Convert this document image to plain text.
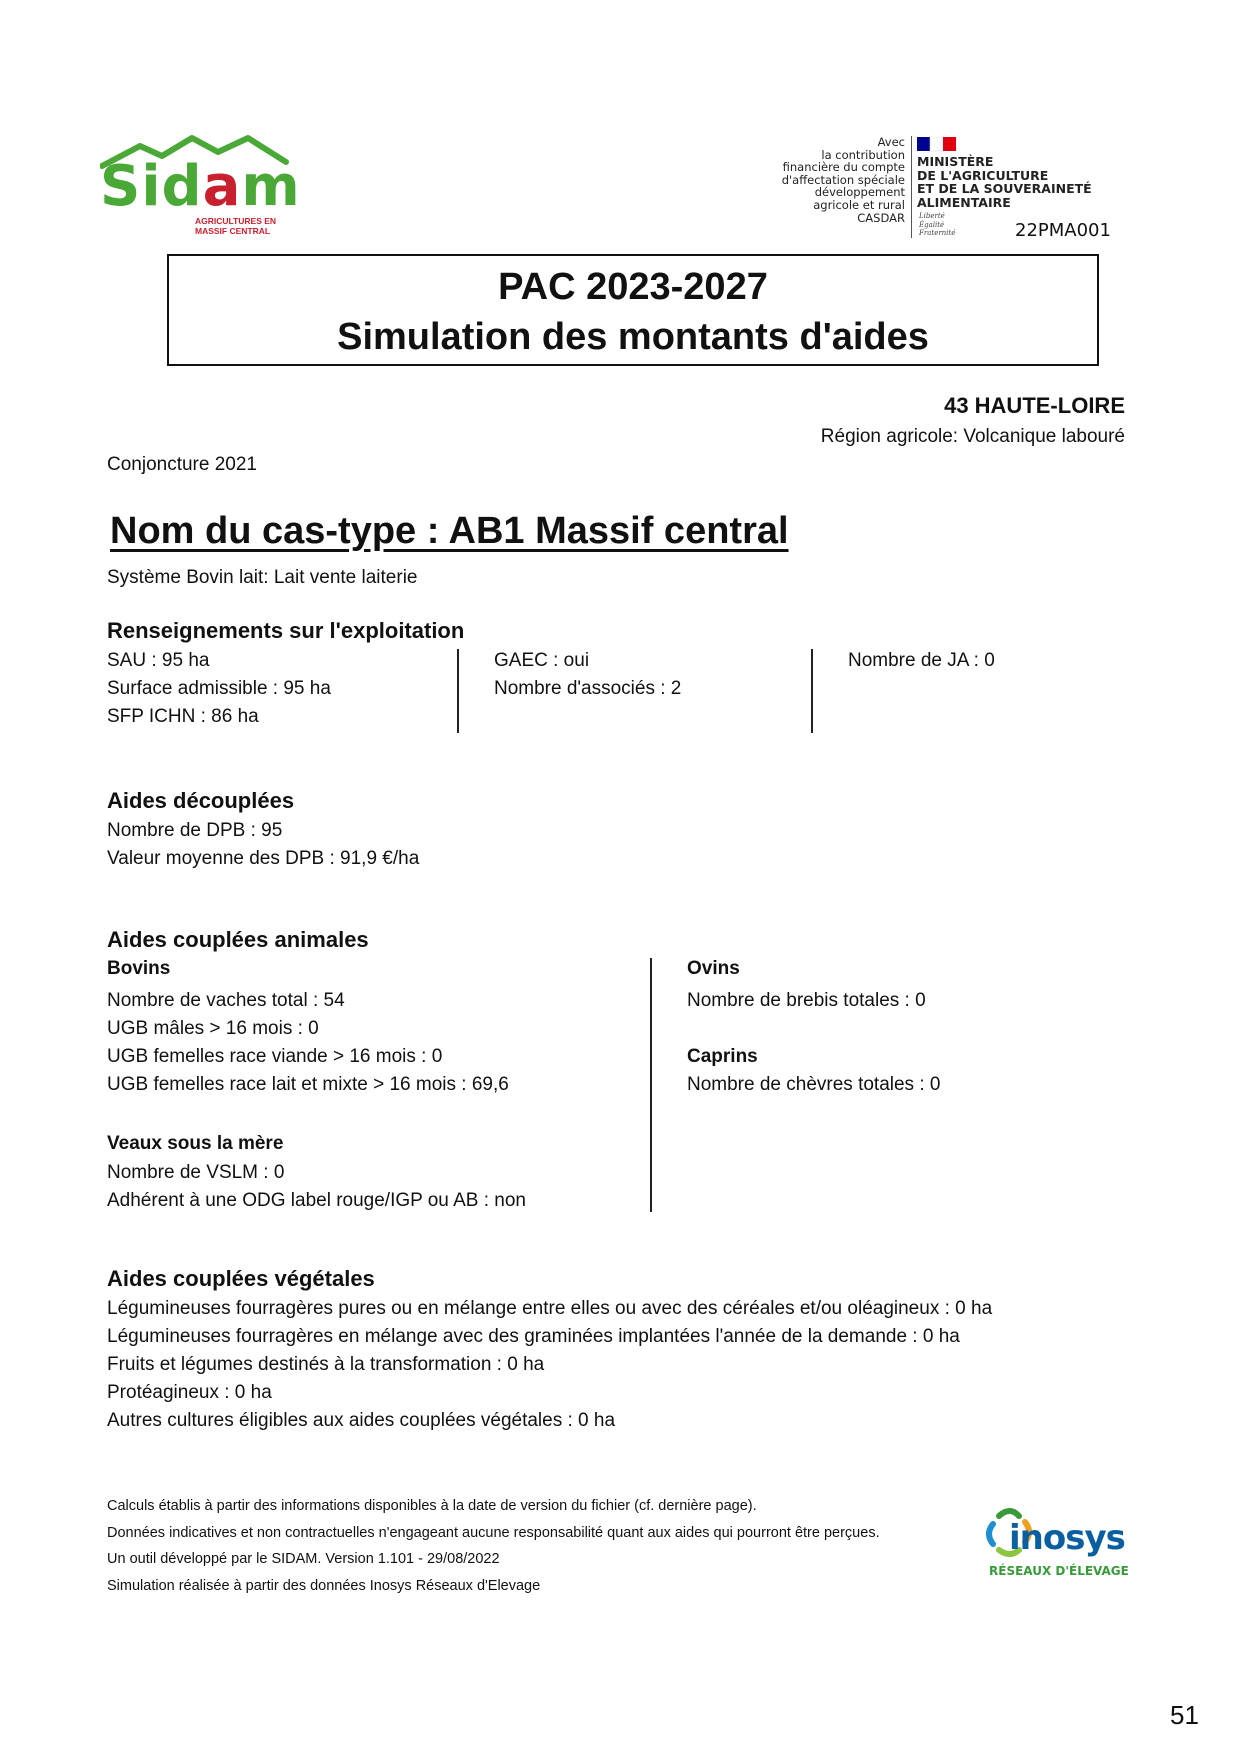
Sidam
AGRICULTURES EN
MASSIF CENTRAL
Avec
la contribution
financière du compte
d'affectation spéciale
développement
agricole et rural
CASDAR
MINISTÈRE
DE L'AGRICULTURE
ET DE LA SOUVERAINETÉ
ALIMENTAIRE
Liberté
Égalité
Fraternité	22PMA001
PAC 2023-2027
Simulation des montants d'aides
43 HAUTE-LOIRE
Région agricole: Volcanique labouré
Conjoncture 2021
Nom du cas-type : AB1 Massif central
Système Bovin lait: Lait vente laiterie
Renseignements sur l'exploitation
SAU : 95 ha
Surface admissible : 95 ha
SFP ICHN : 86 ha
GAEC : oui
Nombre d'associés : 2
Nombre de JA : 0
Aides découplées
Nombre de DPB : 95
Valeur moyenne des DPB : 91,9 €/ha
Aides couplées animales
Bovins
Nombre de vaches total : 54
UGB mâles > 16 mois : 0
UGB femelles race viande > 16 mois : 0
UGB femelles race lait et mixte > 16 mois : 69,6
Veaux sous la mère
Nombre de VSLM : 0
Adhérent à une ODG label rouge/IGP ou AB : non
Ovins
Nombre de brebis totales : 0
Caprins
Nombre de chèvres totales : 0
Aides couplées végétales
Légumineuses fourragères pures ou en mélange entre elles ou avec des céréales et/ou oléagineux : 0 ha
Légumineuses fourragères en mélange avec des graminées implantées l'année de la demande : 0 ha
Fruits et légumes destinés à la transformation : 0 ha
Protéagineux : 0 ha
Autres cultures éligibles aux aides couplées végétales : 0 ha
Calculs établis à partir des informations disponibles à la date de version du fichier (cf. dernière page).
Données indicatives et non contractuelles n'engageant aucune responsabilité quant aux aides qui pourront être perçues.
Un outil développé par le SIDAM. Version 1.101 - 29/08/2022
Simulation réalisée à partir des données Inosys Réseaux d'Elevage
inosys
RÉSEAUX D'ÉLEVAGE
51
